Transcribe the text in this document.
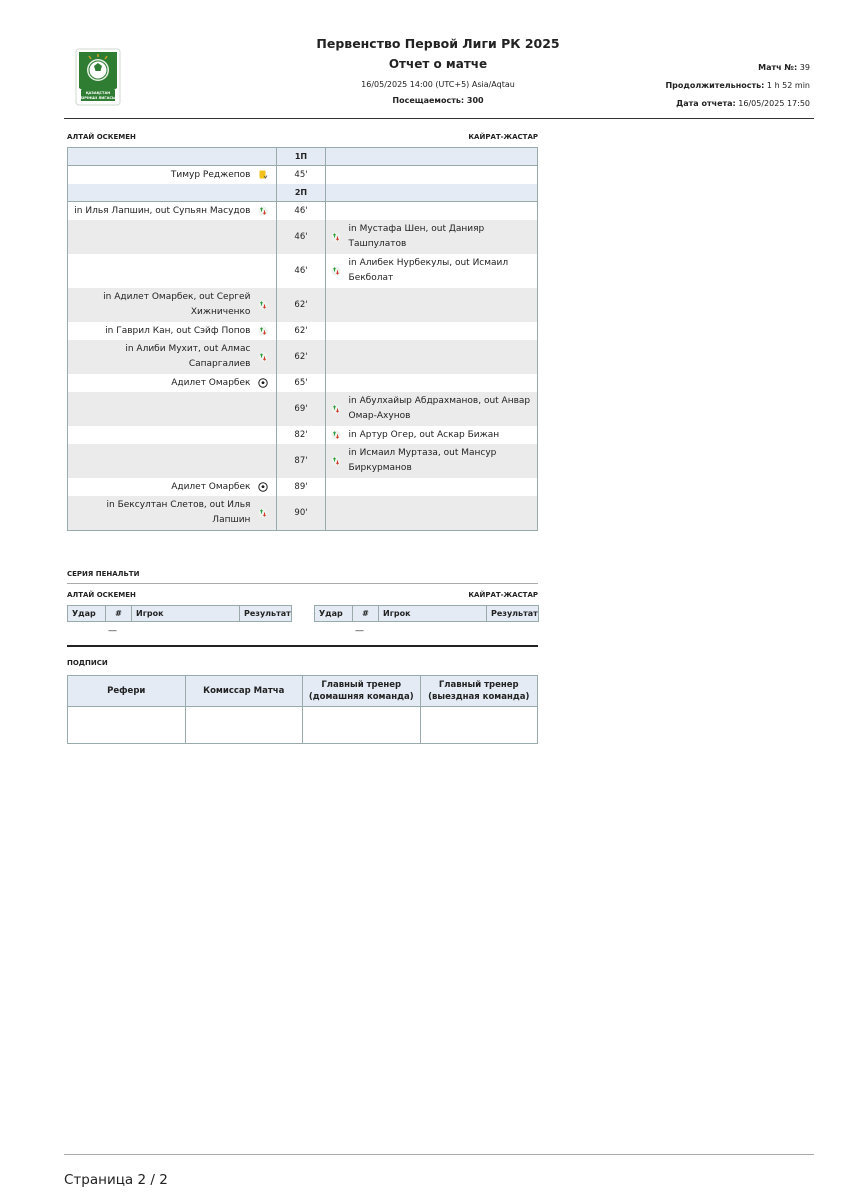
ҚАЗАҚСТАН
БІРІНШІ ЛИГАСЫ
Первенство Первой Лиги РК 2025
Отчет о матче
16/05/2025 14:00 (UTC+5) Asia/Aqtau
Посещаемость: 300
Матч №: 39
Продолжительность: 1 h 52 min
Дата отчета: 16/05/2025 17:50
АЛТАЙ ОСКЕМЕН	КАЙРАТ-ЖАСТАР
	1П	

Тимур Реджепов	45'	
	2П	

in Илья Лапшин, out Супьян Масудов	46'	
	46'	in Мустафа Шен, out Данияр Ташпулатов

	46'	in Алибек Нурбекулы, out Исмаил Бекболат

in Адилет Омарбек, out Сергей Хижниченко	62'	

in Гаврил Кан, out Сэйф Попов	62'	

in Алиби Мухит, out Алмас Сапаргалиев	62'	

Адилет Омарбек	65'	
	69'	in Абулхайыр Абдрахманов, out Анвар Омар-Ахунов

	82'	in Артур Огер, out Аскар Бижан

	87'	in Исмаил Муртаза, out Мансур Биркурманов

Адилет Омарбек	89'	

in Бексултан Слетов, out Илья Лапшин	90'	
СЕРИЯ ПЕНАЛЬТИ
АЛТАЙ ОСКЕМЕН	КАЙРАТ-ЖАСТАР
Удар	#	Игрок	Результат	Удар	#	Игрок	Результат
—	—
ПОДПИСИ
Рефери	Комиссар Матча	Главный тренер (домашняя команда)	Главный тренер (выездная команда)

Страница 2 / 2
